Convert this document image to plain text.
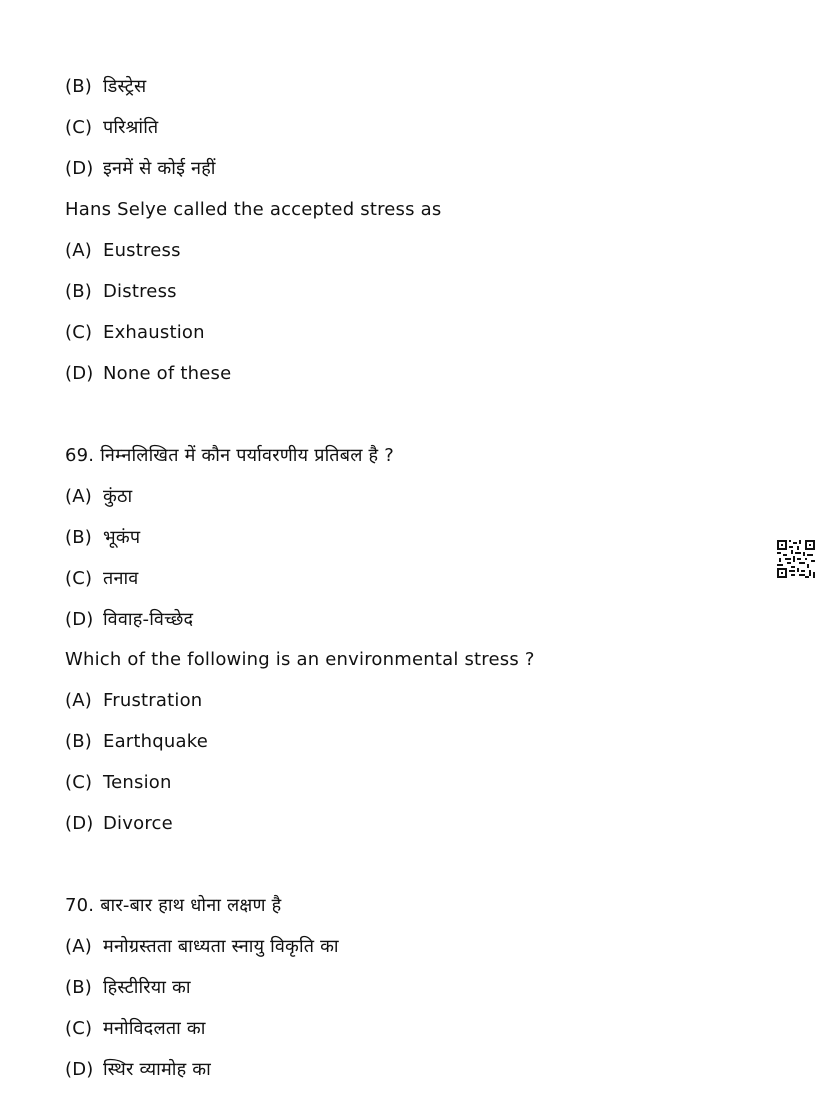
(B) डिस्ट्रेस
(C) परिश्रांति
(D) इनमें से कोई नहीं
Hans Selye called the accepted stress as
(A) Eustress
(B) Distress
(C) Exhaustion
(D) None of these
69. निम्नलिखित में कौन पर्यावरणीय प्रतिबल है ?
(A) कुंठा
(B) भूकंप
(C) तनाव
(D) विवाह-विच्छेद
Which of the following is an environmental stress ?
(A) Frustration
(B) Earthquake
(C) Tension
(D) Divorce
70. बार-बार हाथ धोना लक्षण है
(A) मनोग्रस्तता बाध्यता स्नायु विकृति का
(B) हिस्टीरिया का
(C) मनोविदलता का
(D) स्थिर व्यामोह का
